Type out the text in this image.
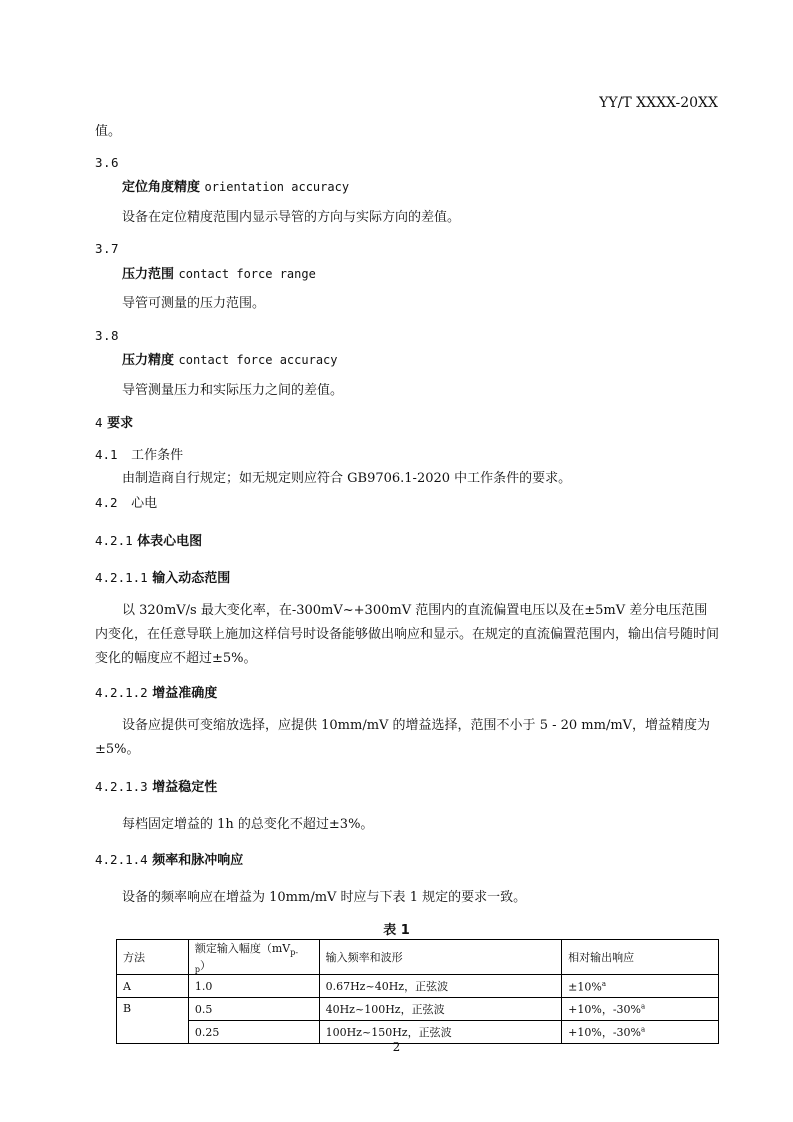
YY/T XXXX-20XX
值。
3.6
定位角度精度 orientation accuracy
设备在定位精度范围内显示导管的方向与实际方向的差值。
3.7
压力范围 contact force range
导管可测量的压力范围。
3.8
压力精度 contact force accuracy
导管测量压力和实际压力之间的差值。
4 要求
4.1 工作条件
由制造商自行规定；如无规定则应符合 GB9706.1-2020 中工作条件的要求。
4.2 心电
4.2.1 体表心电图
4.2.1.1 输入动态范围
以 320mV/s 最大变化率，在-300mV~+300mV 范围内的直流偏置电压以及在±5mV 差分电压范围内变化，在任意导联上施加这样信号时设备能够做出响应和显示。在规定的直流偏置范围内，输出信号随时间变化的幅度应不超过±5%。
4.2.1.2 增益准确度
设备应提供可变缩放选择，应提供 10mm/mV 的增益选择，范围不小于 5 - 20 mm/mV，增益精度为±5%。
4.2.1.3 增益稳定性
每档固定增益的 1h 的总变化不超过±3%。
4.2.1.4 频率和脉冲响应
设备的频率响应在增益为 10mm/mV 时应与下表 1 规定的要求一致。
表 1
方法	额定输入幅度$(mV_{p-p})$	输入频率和波形	相对输出响应
A	1.0	0.67Hz~40Hz，正弦波	±10%$^a$
B	0.5	40Hz~100Hz，正弦波	+10%，-30%$^a$
	0.25	100Hz~150Hz，正弦波	+10%，-30%$^a$
2
